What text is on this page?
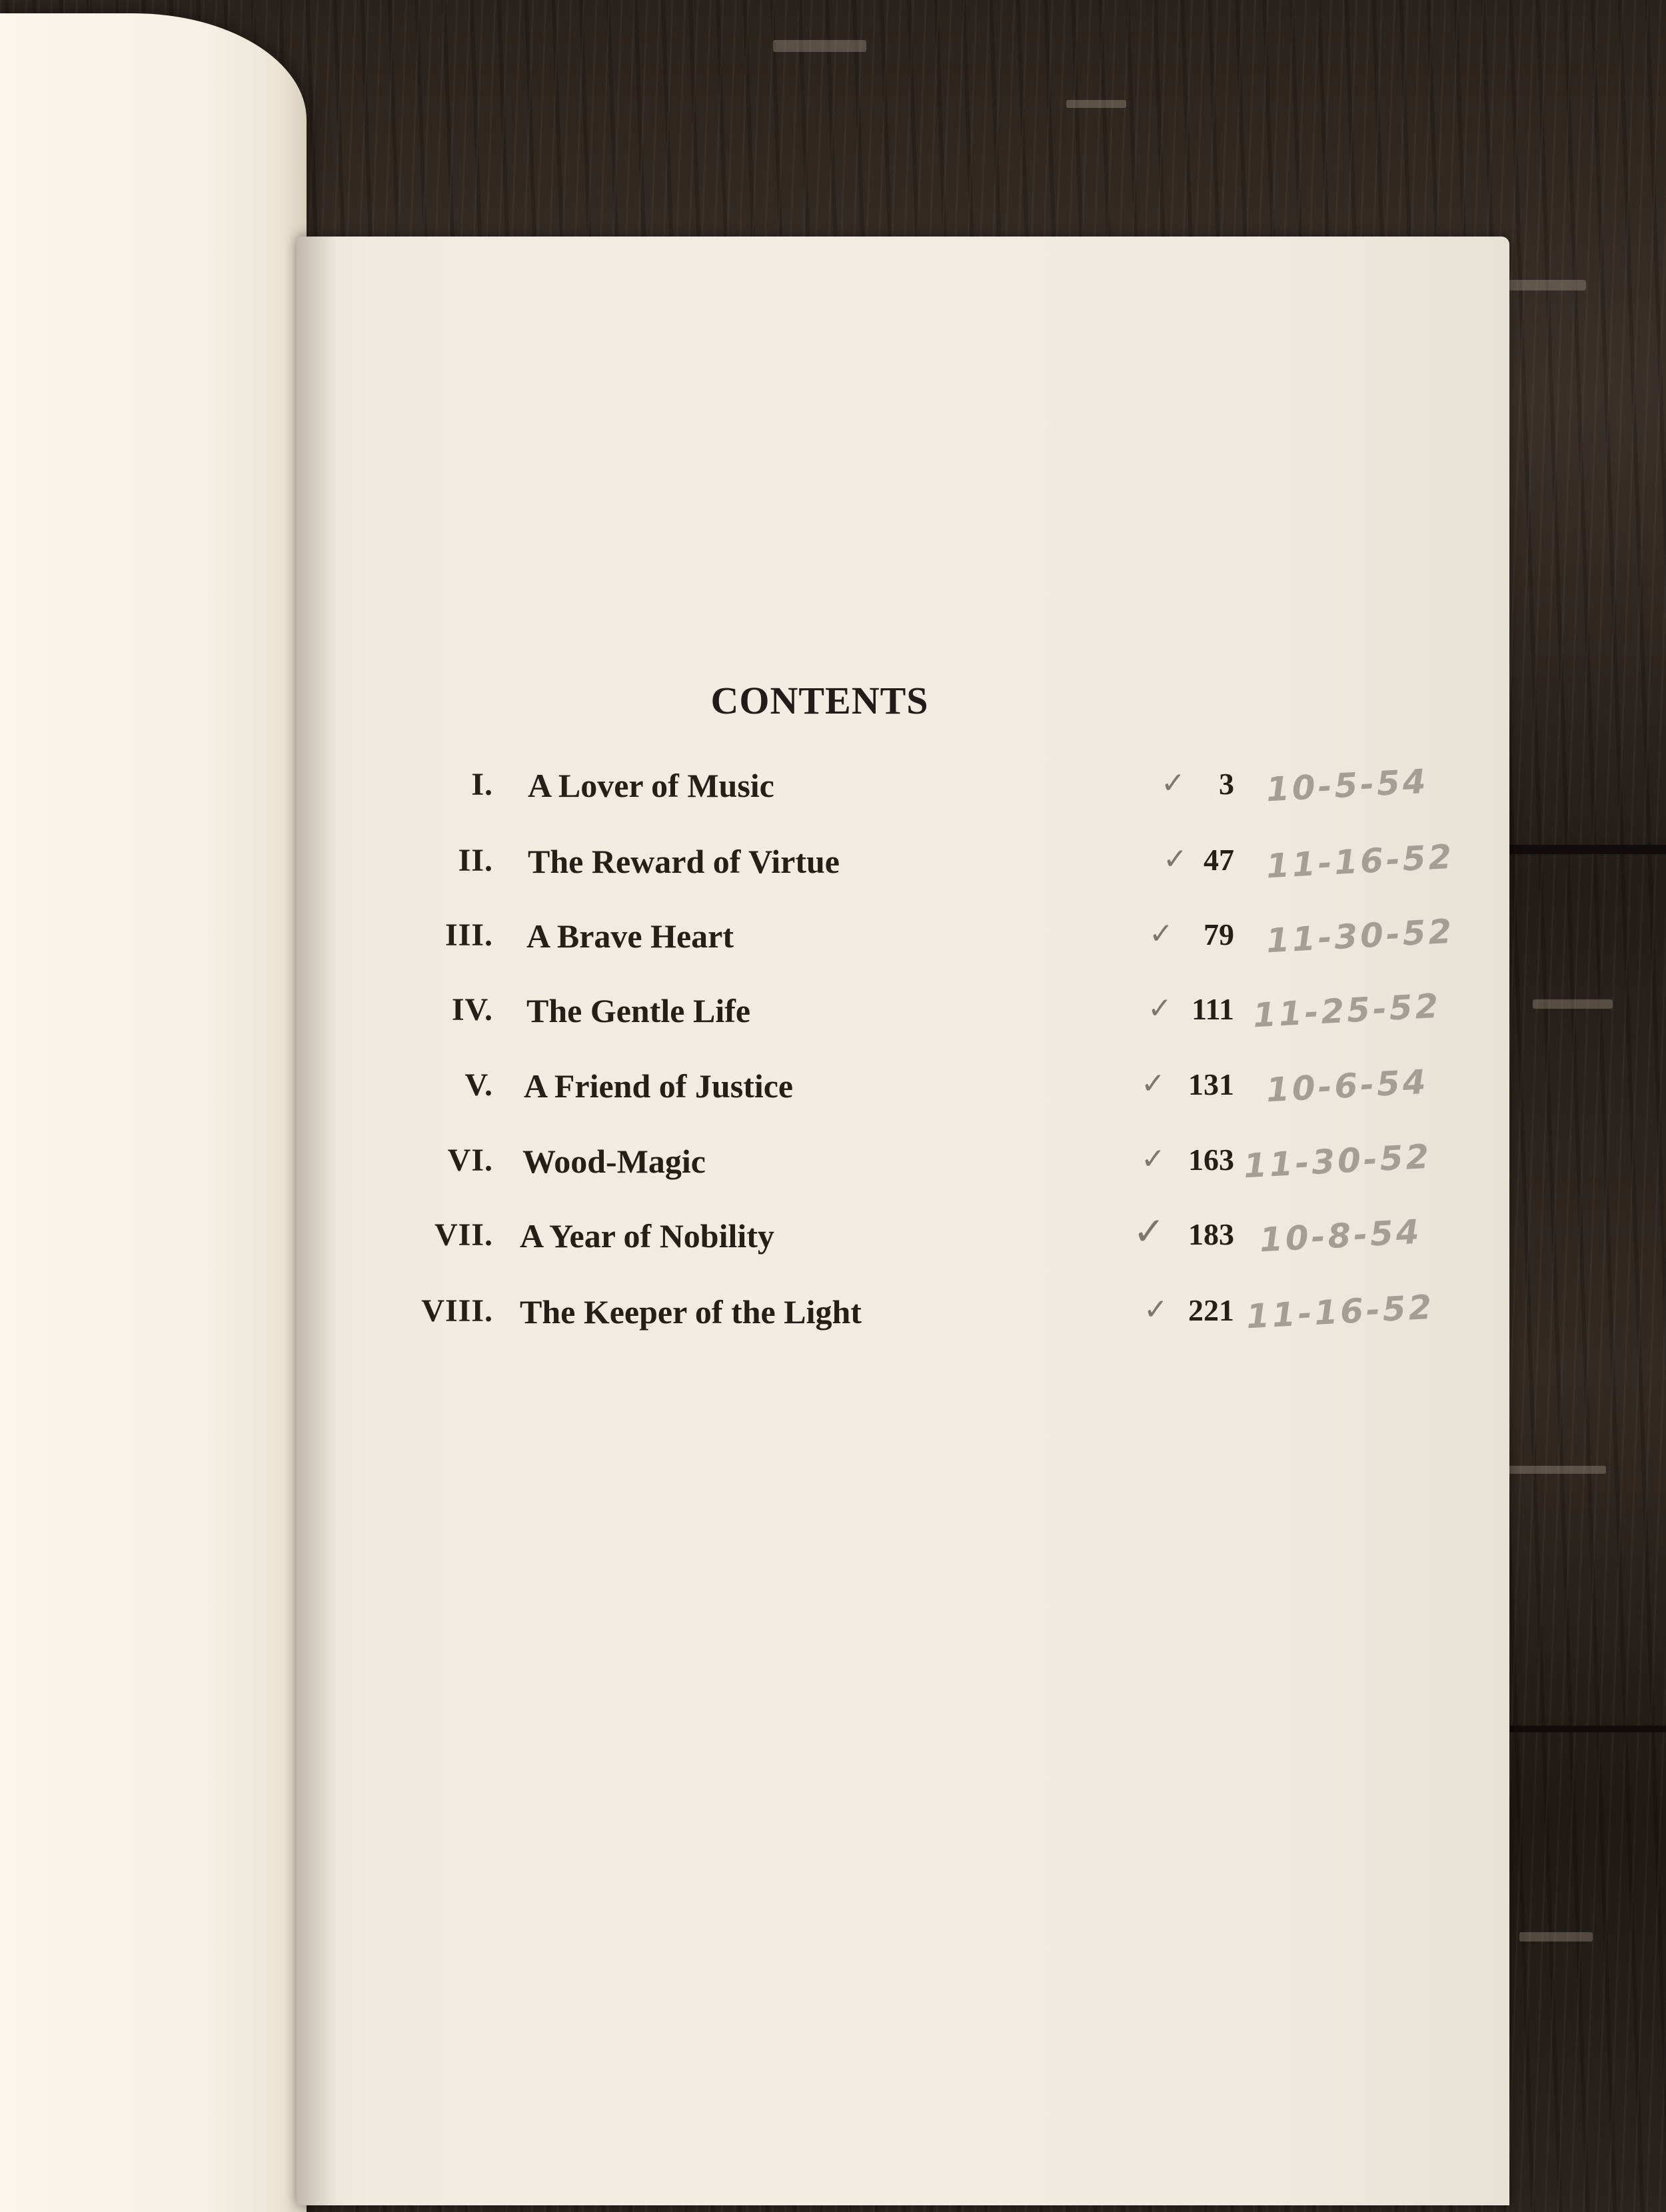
CONTENTS
I. A Lover of Music	✓ 3 10-5-54
II. The Reward of Virtue	✓ 47 11-16-52
III. A Brave Heart	✓ 79 11-30-52
IV. The Gentle Life	✓ 111 11-25-52
V. A Friend of Justice	✓ 131 10-6-54
VI. Wood-Magic	✓ 163 11-30-52
VII. A Year of Nobility	✓ 183 10-8-54
VIII. The Keeper of the Light	✓ 221 11-16-52
